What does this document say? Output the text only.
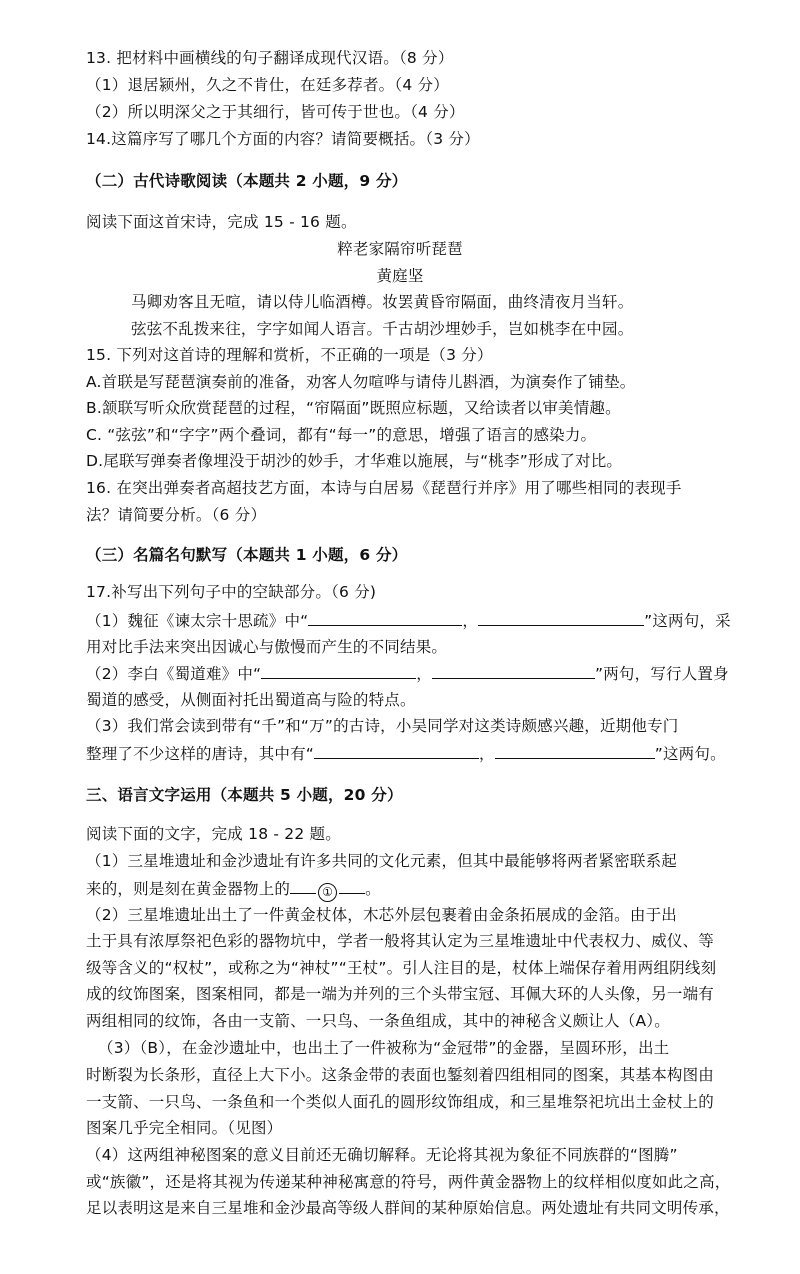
13. 把材料中画横线的句子翻译成现代汉语。（8 分）
（1）退居颍州，久之不肯仕，在廷多荐者。（4 分）
（2）所以明深父之于其细行，皆可传于世也。（4 分）
14.这篇序写了哪几个方面的内容？请简要概括。（3 分）
（二）古代诗歌阅读（本题共 2 小题，9 分）
阅读下面这首宋诗，完成 15 - 16 题。
粹老家隔帘听琵琶
黄庭坚
马卿劝客且无喧，请以侍儿临酒樽。妆罢黄昏帘隔面，曲终清夜月当轩。
弦弦不乱拨来往，字字如闻人语言。千古胡沙埋妙手，岂如桃李在中园。
15. 下列对这首诗的理解和赏析，不正确的一项是（3 分）
A.首联是写琵琶演奏前的准备，劝客人勿喧哗与请侍儿斟酒，为演奏作了铺垫。
B.颔联写听众欣赏琵琶的过程，“帘隔面”既照应标题，又给读者以审美情趣。
C. “弦弦”和“字字”两个叠词，都有“每一”的意思，增强了语言的感染力。
D.尾联写弹奏者像埋没于胡沙的妙手，才华难以施展，与“桃李”形成了对比。
16. 在突出弹奏者高超技艺方面，本诗与白居易《琵琶行并序》用了哪些相同的表现手
法？请简要分析。（6 分）
（三）名篇名句默写（本题共 1 小题，6 分）
17.补写出下列句子中的空缺部分。（6 分)
（1）魏征《谏太宗十思疏》中“	，	”这两句，采
用对比手法来突出因诚心与傲慢而产生的不同结果。
（2）李白《蜀道难》中“	，	”两句，写行人置身
蜀道的感受，从侧面衬托出蜀道高与险的特点。
（3）我们常会读到带有“千”和“万”的古诗，小吴同学对这类诗颇感兴趣，近期他专门
整理了不少这样的唐诗，其中有“	，	”这两句。
三、语言文字运用（本题共 5 小题，20 分）
阅读下面的文字，完成 18 - 22 题。
（1）三星堆遗址和金沙遗址有许多共同的文化元素，但其中最能够将两者紧密联系起
来的，则是刻在黄金器物上的	① 。
（2）三星堆遗址出土了一件黄金杖体，木芯外层包裹着由金条拓展成的金箔。由于出
土于具有浓厚祭祀色彩的器物坑中，学者一般将其认定为三星堆遗址中代表权力、威仪、等
级等含义的“权杖”，或称之为“神杖”“王杖”。引人注目的是，杖体上端保存着用两组阴线刻
成的纹饰图案，图案相同，都是一端为并列的三个头带宝冠、耳佩大环的人头像，另一端有
两组相同的纹饰，各由一支箭、一只鸟、一条鱼组成，其中的神秘含义颇让人（A）。
（3）（B），在金沙遗址中，也出土了一件被称为“金冠带”的金器，呈圆环形，出土
时断裂为长条形，直径上大下小。这条金带的表面也錾刻着四组相同的图案，其基本构图由
一支箭、一只鸟、一条鱼和一个类似人面孔的圆形纹饰组成，和三星堆祭祀坑出土金杖上的
图案几乎完全相同。（见图）
（4）这两组神秘图案的意义目前还无确切解释。无论将其视为象征不同族群的“图腾”
或“族徽”，还是将其视为传递某种神秘寓意的符号，两件黄金器物上的纹样相似度如此之高，
足以表明这是来自三星堆和金沙最高等级人群间的某种原始信息。两处遗址有共同文明传承，
